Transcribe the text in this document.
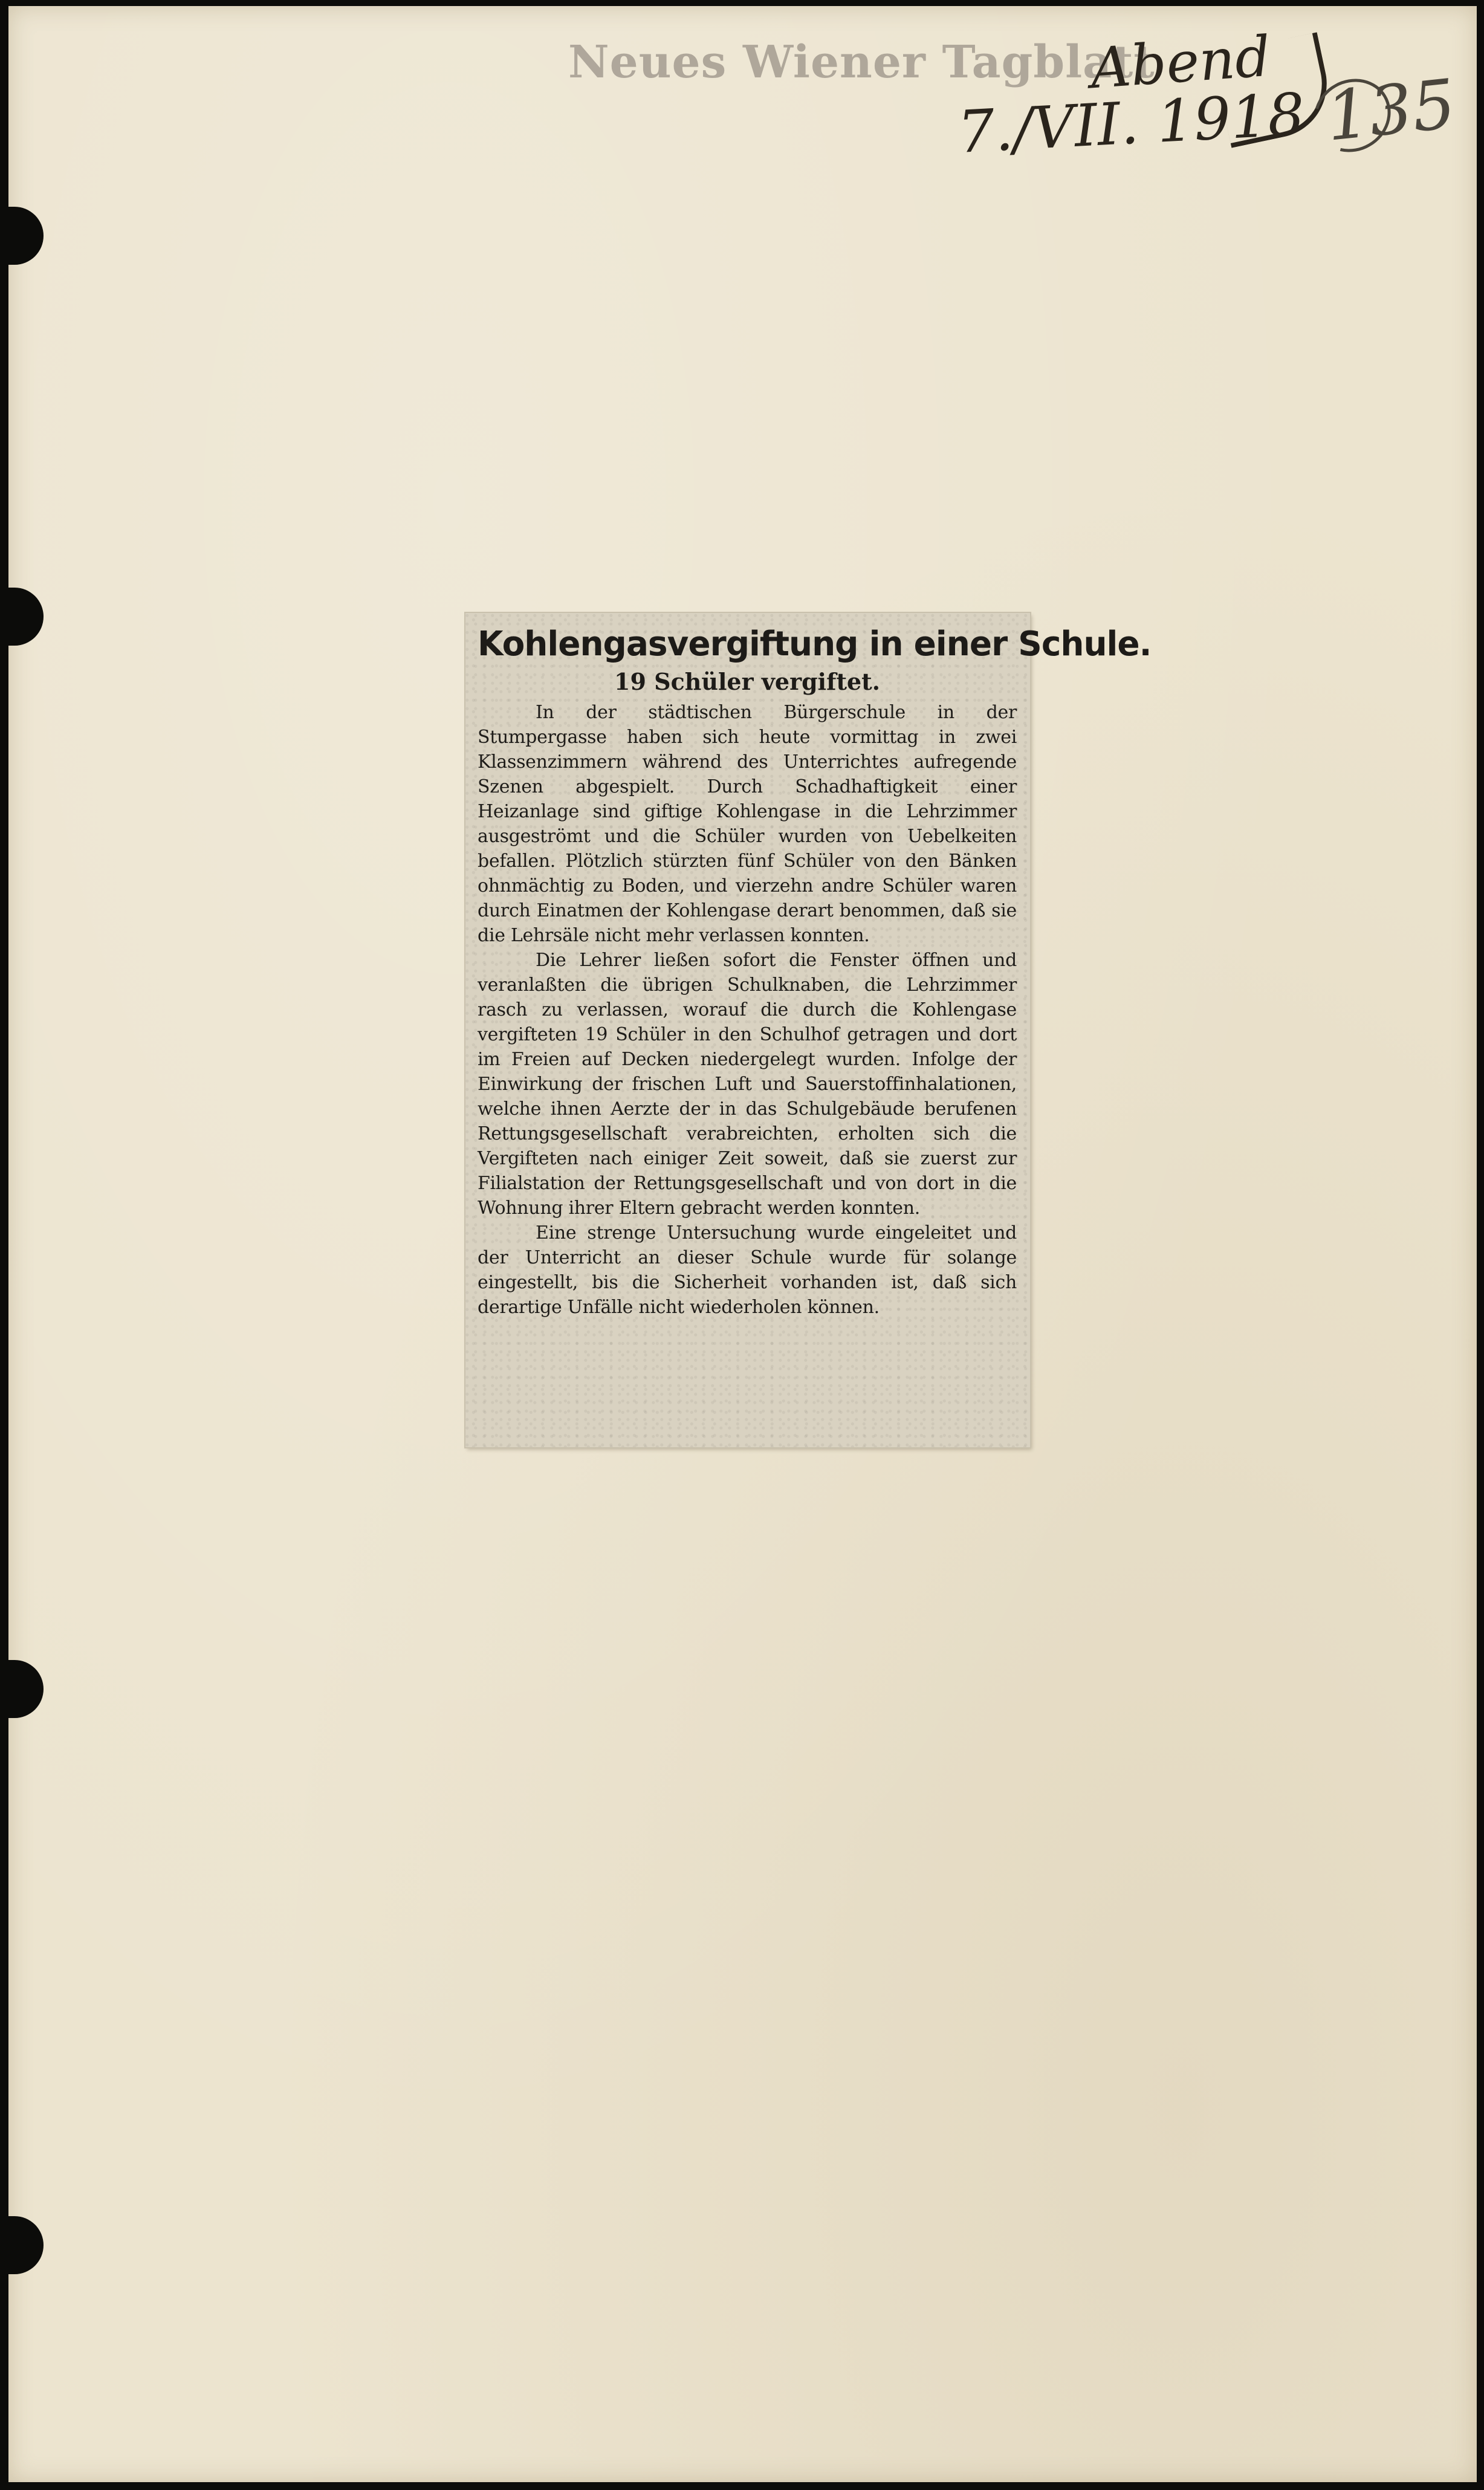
Neues Wiener Tagblatt
Abend
7./VII. 1918 135
Kohlengasvergiftung in einer Schule.
19 Schüler vergiftet.

In der städtischen Bürgerschule in der Stumpergasse haben sich heute vormittag in zwei Klassenzimmern während des Unterrichtes aufregende Szenen abgespielt. Durch Schadhaftigkeit einer Heizanlage sind giftige Kohlengase in die Lehrzimmer ausgeströmt und die Schüler wurden von Uebelkeiten befallen. Plötzlich stürzten fünf Schüler von den Bänken ohnmächtig zu Boden, und vierzehn andre Schüler waren durch Einatmen der Kohlengase derart benommen, daß sie die Lehrsäle nicht mehr verlassen konnten.

Die Lehrer ließen sofort die Fenster öffnen und veranlaßten die übrigen Schulknaben, die Lehrzimmer rasch zu verlassen, worauf die durch die Kohlengase vergifteten 19 Schüler in den Schulhof getragen und dort im Freien auf Decken niedergelegt wurden. Infolge der Einwirkung der frischen Luft und Sauerstoffinhalationen, welche ihnen Aerzte der in das Schulgebäude berufenen Rettungsgesellschaft verabreichten, erholten sich die Vergifteten nach einiger Zeit soweit, daß sie zuerst zur Filialstation der Rettungsgesellschaft und von dort in die Wohnung ihrer Eltern gebracht werden konnten.

Eine strenge Untersuchung wurde eingeleitet und der Unterricht an dieser Schule wurde für solange eingestellt, bis die Sicherheit vorhanden ist, daß sich derartige Unfälle nicht wiederholen können.
